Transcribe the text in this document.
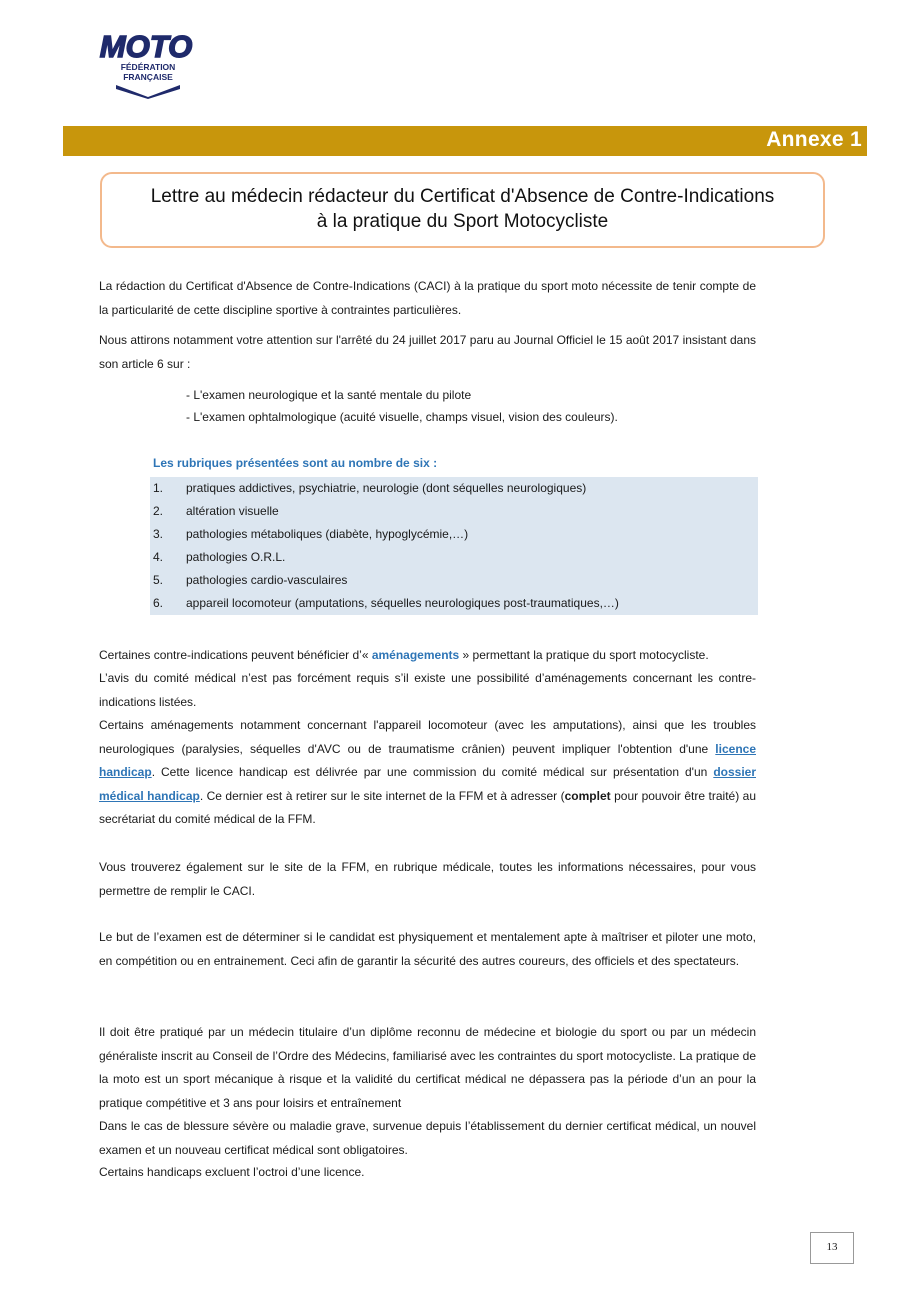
MOTO
FÉDÉRATION
FRANÇAISE
Annexe 1
Lettre au médecin rédacteur du Certificat d'Absence de Contre-Indications
à la pratique du Sport Motocycliste
La rédaction du Certificat d'Absence de Contre-Indications (CACI) à la pratique du sport moto nécessite de tenir compte de la particularité de cette discipline sportive à contraintes particulières.
Nous attirons notamment votre attention sur l'arrêté du 24 juillet 2017 paru au Journal Officiel le 15 août 2017 insistant dans son article 6 sur :
- L'examen neurologique et la santé mentale du pilote
- L'examen ophtalmologique (acuité visuelle, champs visuel, vision des couleurs).
Les rubriques présentées sont au nombre de six :
1. pratiques addictives, psychiatrie, neurologie (dont séquelles neurologiques)
2. altération visuelle
3. pathologies métaboliques (diabète, hypoglycémie,…)
4. pathologies O.R.L.
5. pathologies cardio-vasculaires
6. appareil locomoteur (amputations, séquelles neurologiques post-traumatiques,…)
Certaines contre-indications peuvent bénéficier d’« aménagements » permettant la pratique du sport motocycliste.
L’avis du comité médical n’est pas forcément requis s’il existe une possibilité d’aménagements concernant les contre-indications listées.
Certains aménagements notamment concernant l'appareil locomoteur (avec les amputations), ainsi que les troubles neurologiques (paralysies, séquelles d'AVC ou de traumatisme crânien) peuvent impliquer l'obtention d'une licence handicap. Cette licence handicap est délivrée par une commission du comité médical sur présentation d'un dossier médical handicap. Ce dernier est à retirer sur le site internet de la FFM et à adresser (complet pour pouvoir être traité) au secrétariat du comité médical de la FFM.
Vous trouverez également sur le site de la FFM, en rubrique médicale, toutes les informations nécessaires, pour vous permettre de remplir le CACI.
Le but de l’examen est de déterminer si le candidat est physiquement et mentalement apte à maîtriser et piloter une moto, en compétition ou en entrainement. Ceci afin de garantir la sécurité des autres coureurs, des officiels et des spectateurs.
Il doit être pratiqué par un médecin titulaire d’un diplôme reconnu de médecine et biologie du sport ou par un médecin généraliste inscrit au Conseil de l’Ordre des Médecins, familiarisé avec les contraintes du sport motocycliste. La pratique de la moto est un sport mécanique à risque et la validité du certificat médical ne dépassera pas la période d’un an pour la pratique compétitive et 3 ans pour loisirs et entraînement
Dans le cas de blessure sévère ou maladie grave, survenue depuis l’établissement du dernier certificat médical, un nouvel examen et un nouveau certificat médical sont obligatoires.
Certains handicaps excluent l’octroi d’une licence.
13
